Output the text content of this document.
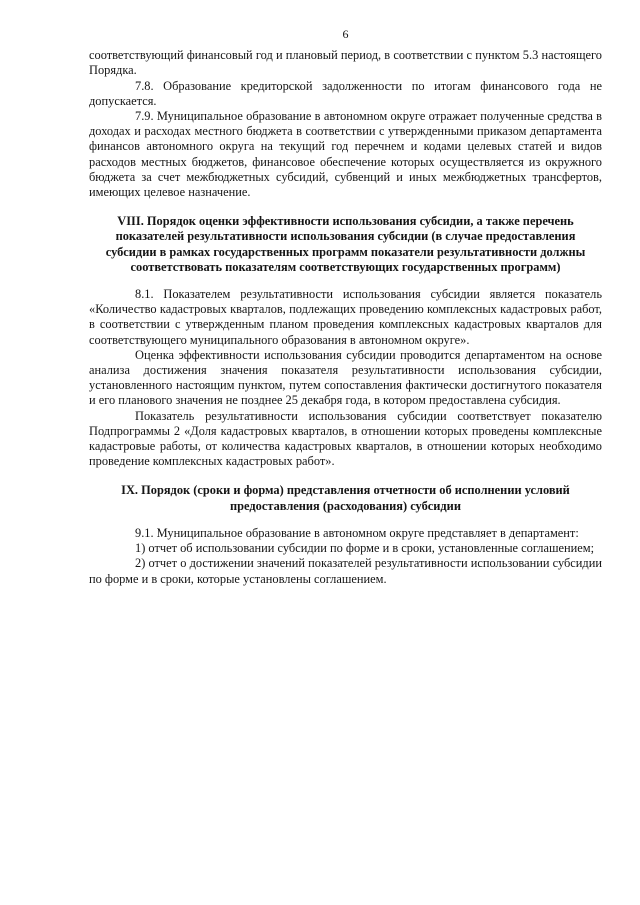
6

соответствующий финансовый год и плановый период, в соответствии с пунктом 5.3 настоящего Порядка.

7.8. Образование кредиторской задолженности по итогам финансового года не допускается.

7.9. Муниципальное образование в автономном округе отражает полученные средства в доходах и расходах местного бюджета в соответствии с утвержденными приказом департамента финансов автономного округа на текущий год перечнем и кодами целевых статей и видов расходов местных бюджетов, финансовое обеспечение которых осуществляется из окружного бюджета за счет межбюджетных субсидий, субвенций и иных межбюджетных трансфертов, имеющих целевое назначение.

VIII. Порядок оценки эффективности использования субсидии, а также перечень показателей результативности использования субсидии (в случае предоставления субсидии в рамках государственных программ показатели результативности должны соответствовать показателям соответствующих государственных программ)

8.1. Показателем результативности использования субсидии является показатель «Количество кадастровых кварталов, подлежащих проведению комплексных кадастровых работ, в соответствии с утвержденным планом проведения комплексных кадастровых кварталов для соответствующего муниципального образования в автономном округе».

Оценка эффективности использования субсидии проводится департаментом на основе анализа достижения значения показателя результативности использования субсидии, установленного настоящим пунктом, путем сопоставления фактически достигнутого показателя и его планового значения не позднее 25 декабря года, в котором предоставлена субсидия.

Показатель результативности использования субсидии соответствует показателю Подпрограммы 2 «Доля кадастровых кварталов, в отношении которых проведены комплексные кадастровые работы, от количества кадастровых кварталов, в отношении которых необходимо проведение комплексных кадастровых работ».

IX. Порядок (сроки и форма) представления отчетности об исполнении условий предоставления (расходования) субсидии

9.1. Муниципальное образование в автономном округе представляет в департамент:

1) отчет об использовании субсидии по форме и в сроки, установленные соглашением;

2) отчет о достижении значений показателей результативности использовании субсидии по форме и в сроки, которые установлены соглашением.
